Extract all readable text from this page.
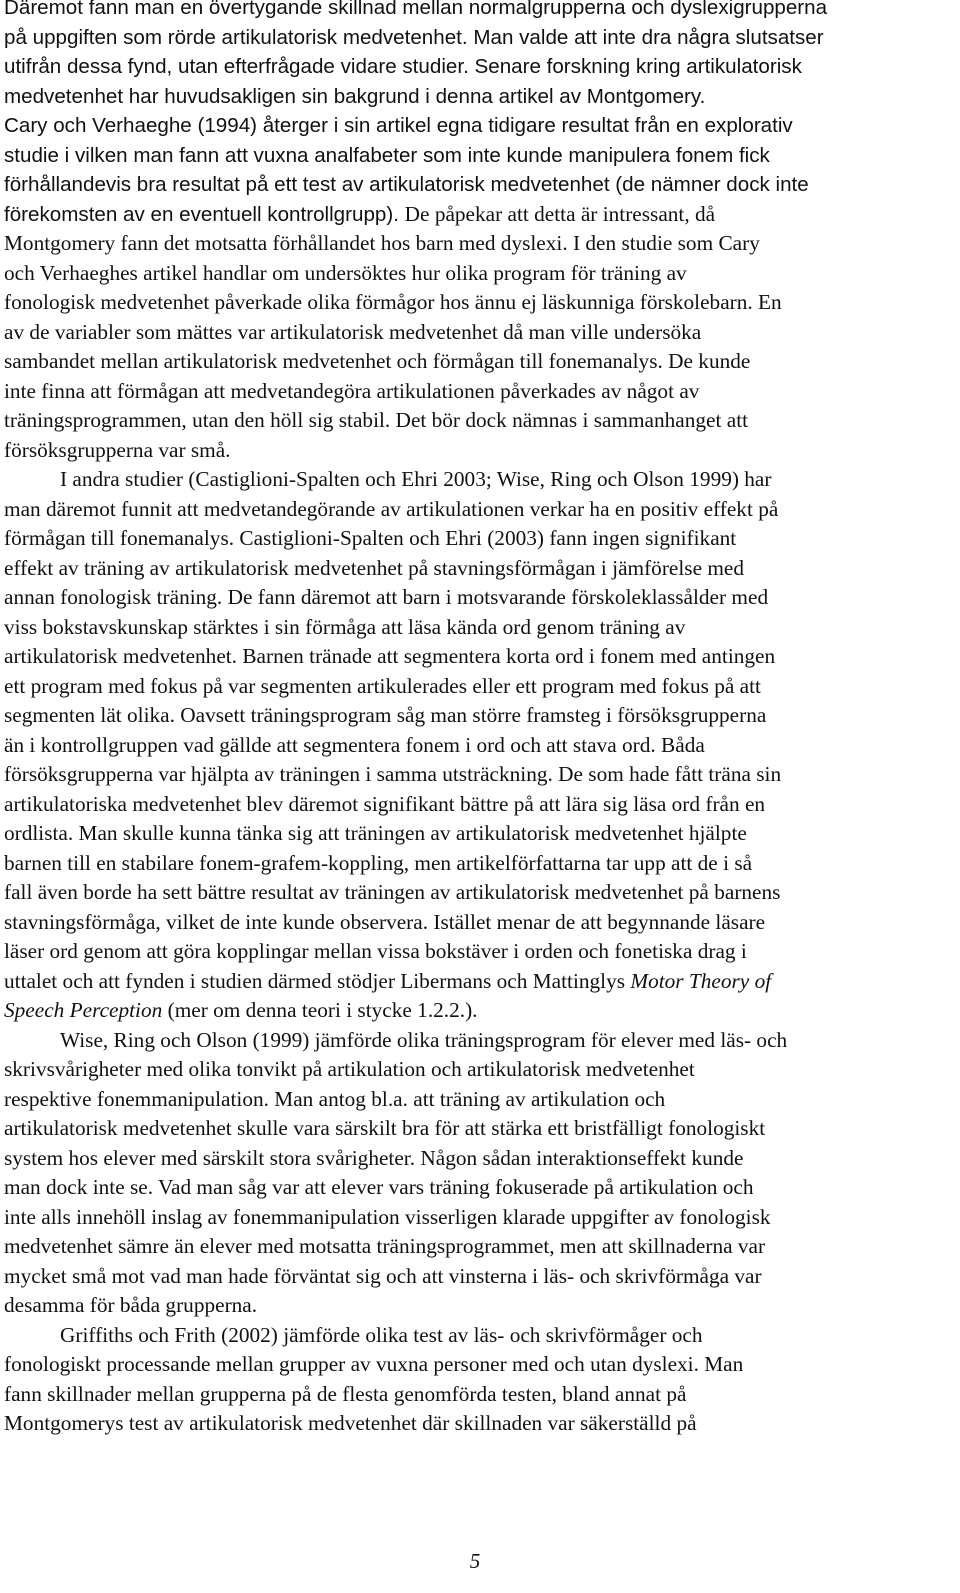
Däremot fann man en övertygande skillnad mellan normalgrupperna och dyslexigrupperna
på uppgiften som rörde artikulatorisk medvetenhet. Man valde att inte dra några slutsatser
utifrån dessa fynd, utan efterfrågade vidare studier. Senare forskning kring artikulatorisk
medvetenhet har huvudsakligen sin bakgrund i denna artikel av Montgomery.
Cary och Verhaeghe (1994) återger i sin artikel egna tidigare resultat från en explorativ
studie i vilken man fann att vuxna analfabeter som inte kunde manipulera fonem fick
förhållandevis bra resultat på ett test av artikulatorisk medvetenhet (de nämner dock inte
förekomsten av en eventuell kontrollgrupp). De påpekar att detta är intressant, då
Montgomery fann det motsatta förhållandet hos barn med dyslexi. I den studie som Cary
och Verhaeghes artikel handlar om undersöktes hur olika program för träning av
fonologisk medvetenhet påverkade olika förmågor hos ännu ej läskunniga förskolebarn. En
av de variabler som mättes var artikulatorisk medvetenhet då man ville undersöka
sambandet mellan artikulatorisk medvetenhet och förmågan till fonemanalys. De kunde
inte finna att förmågan att medvetandegöra artikulationen påverkades av något av
träningsprogrammen, utan den höll sig stabil. Det bör dock nämnas i sammanhanget att
försöksgrupperna var små.
I andra studier (Castiglioni-Spalten och Ehri 2003; Wise, Ring och Olson 1999) har
man däremot funnit att medvetandegörande av artikulationen verkar ha en positiv effekt på
förmågan till fonemanalys. Castiglioni-Spalten och Ehri (2003) fann ingen signifikant
effekt av träning av artikulatorisk medvetenhet på stavningsförmågan i jämförelse med
annan fonologisk träning. De fann däremot att barn i motsvarande förskoleklassålder med
viss bokstavskunskap stärktes i sin förmåga att läsa kända ord genom träning av
artikulatorisk medvetenhet. Barnen tränade att segmentera korta ord i fonem med antingen
ett program med fokus på var segmenten artikulerades eller ett program med fokus på att
segmenten lät olika. Oavsett träningsprogram såg man större framsteg i försöksgrupperna
än i kontrollgruppen vad gällde att segmentera fonem i ord och att stava ord. Båda
försöksgrupperna var hjälpta av träningen i samma utsträckning. De som hade fått träna sin
artikulatoriska medvetenhet blev däremot signifikant bättre på att lära sig läsa ord från en
ordlista. Man skulle kunna tänka sig att träningen av artikulatorisk medvetenhet hjälpte
barnen till en stabilare fonem-grafem-koppling, men artikelförfattarna tar upp att de i så
fall även borde ha sett bättre resultat av träningen av artikulatorisk medvetenhet på barnens
stavningsförmåga, vilket de inte kunde observera. Istället menar de att begynnande läsare
läser ord genom att göra kopplingar mellan vissa bokstäver i orden och fonetiska drag i
uttalet och att fynden i studien därmed stödjer Libermans och Mattinglys Motor Theory of
Speech Perception (mer om denna teori i stycke 1.2.2.).
Wise, Ring och Olson (1999) jämförde olika träningsprogram för elever med läs- och
skrivsvårigheter med olika tonvikt på artikulation och artikulatorisk medvetenhet
respektive fonemmanipulation. Man antog bl.a. att träning av artikulation och
artikulatorisk medvetenhet skulle vara särskilt bra för att stärka ett bristfälligt fonologiskt
system hos elever med särskilt stora svårigheter. Någon sådan interaktionseffekt kunde
man dock inte se. Vad man såg var att elever vars träning fokuserade på artikulation och
inte alls innehöll inslag av fonemmanipulation visserligen klarade uppgifter av fonologisk
medvetenhet sämre än elever med motsatta träningsprogrammet, men att skillnaderna var
mycket små mot vad man hade förväntat sig och att vinsterna i läs- och skrivförmåga var
desamma för båda grupperna.
Griffiths och Frith (2002) jämförde olika test av läs- och skrivförmåger och
fonologiskt processande mellan grupper av vuxna personer med och utan dyslexi. Man
fann skillnader mellan grupperna på de flesta genomförda testen, bland annat på
Montgomerys test av artikulatorisk medvetenhet där skillnaden var säkerställd på
5
